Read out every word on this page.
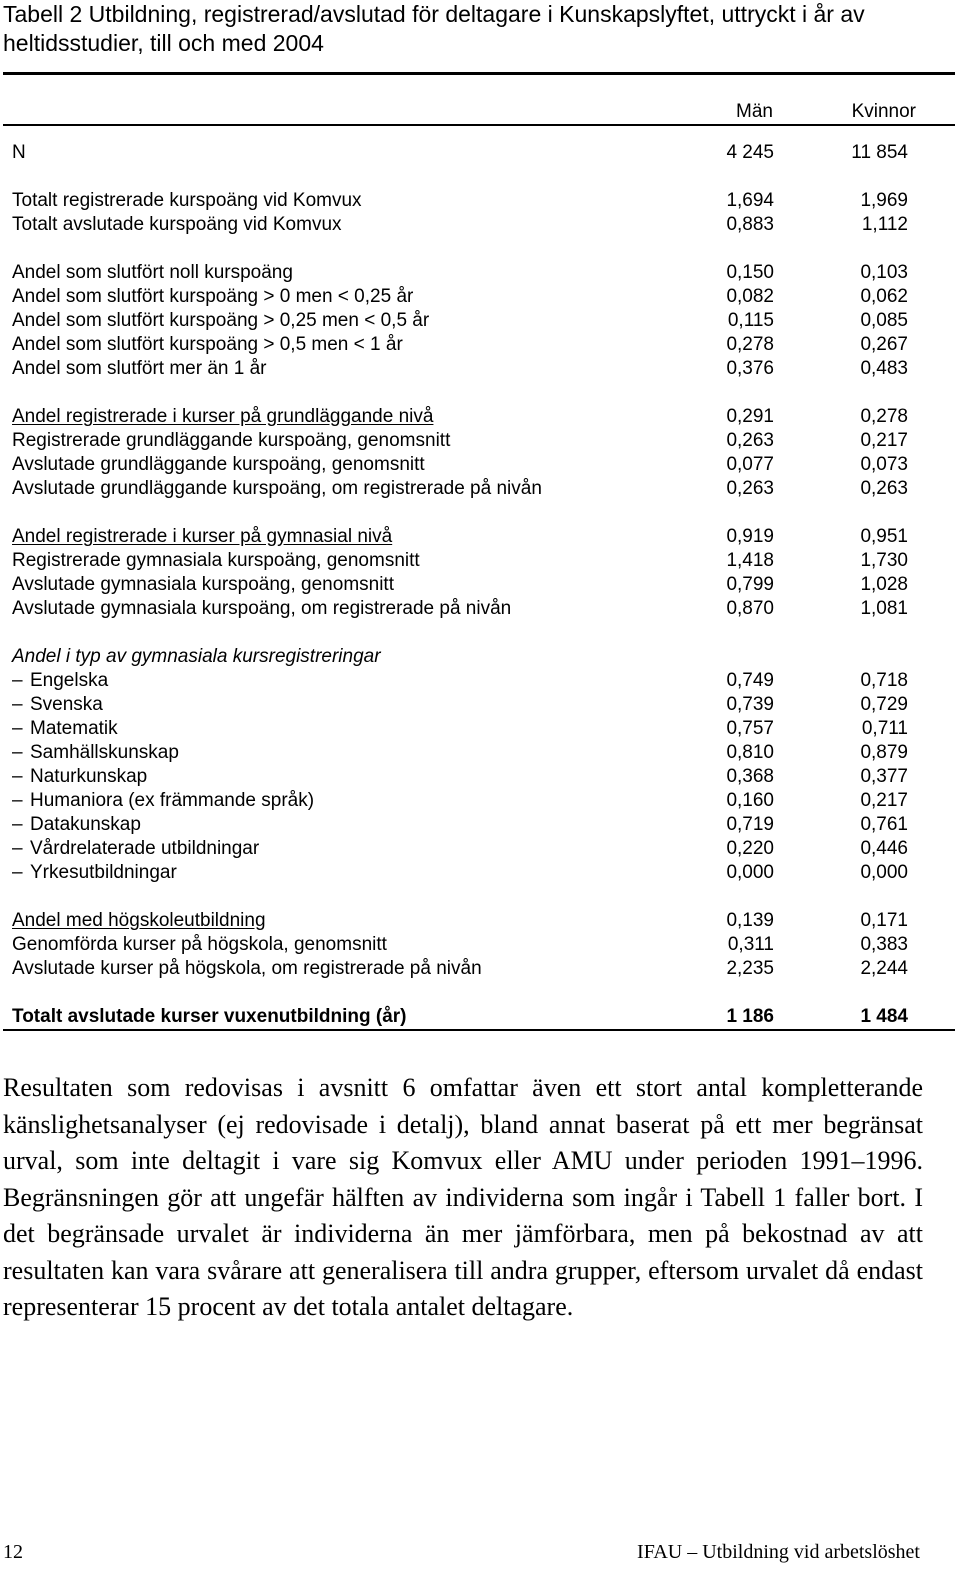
Tabell 2 Utbildning, registrerad/avslutad för deltagare i Kunskapslyftet, uttryckt i år av heltidsstudier, till och med 2004
Män	Kvinnor
N	4 245	11 854
Totalt registrerade kurspoäng vid Komvux	1,694	1,969
Totalt avslutade kurspoäng vid Komvux	0,883	1,112
Andel som slutfört noll kurspoäng	0,150	0,103
Andel som slutfört kurspoäng > 0 men < 0,25 år	0,082	0,062
Andel som slutfört kurspoäng > 0,25 men < 0,5 år	0,115	0,085
Andel som slutfört kurspoäng > 0,5 men < 1 år	0,278	0,267
Andel som slutfört mer än 1 år	0,376	0,483
Andel registrerade i kurser på grundläggande nivå	0,291	0,278
Registrerade grundläggande kurspoäng, genomsnitt	0,263	0,217
Avslutade grundläggande kurspoäng, genomsnitt	0,077	0,073
Avslutade grundläggande kurspoäng, om registrerade på nivån	0,263	0,263
Andel registrerade i kurser på gymnasial nivå	0,919	0,951
Registrerade gymnasiala kurspoäng, genomsnitt	1,418	1,730
Avslutade gymnasiala kurspoäng, genomsnitt	0,799	1,028
Avslutade gymnasiala kurspoäng, om registrerade på nivån	0,870	1,081
Andel i typ av gymnasiala kursregistreringar
– Engelska	0,749	0,718
– Svenska	0,739	0,729
– Matematik	0,757	0,711
– Samhällskunskap	0,810	0,879
– Naturkunskap	0,368	0,377
– Humaniora (ex främmande språk)	0,160	0,217
– Datakunskap	0,719	0,761
– Vårdrelaterade utbildningar	0,220	0,446
– Yrkesutbildningar	0,000	0,000
Andel med högskoleutbildning	0,139	0,171
Genomförda kurser på högskola, genomsnitt	0,311	0,383
Avslutade kurser på högskola, om registrerade på nivån	2,235	2,244
Totalt avslutade kurser vuxenutbildning (år)	1 186	1 484

Resultaten som redovisas i avsnitt 6 omfattar även ett stort antal kompletterande känslighetsanalyser (ej redovisade i detalj), bland annat baserat på ett mer begränsat urval, som inte deltagit i vare sig Komvux eller AMU under perioden 1991–1996. Begränsningen gör att ungefär hälften av individerna som ingår i Tabell 1 faller bort. I det begränsade urvalet är individerna än mer jämförbara, men på bekostnad av att resultaten kan vara svårare att generalisera till andra grupper, eftersom urvalet då endast representerar 15 procent av det totala antalet deltagare.

12	IFAU – Utbildning vid arbetslöshet
